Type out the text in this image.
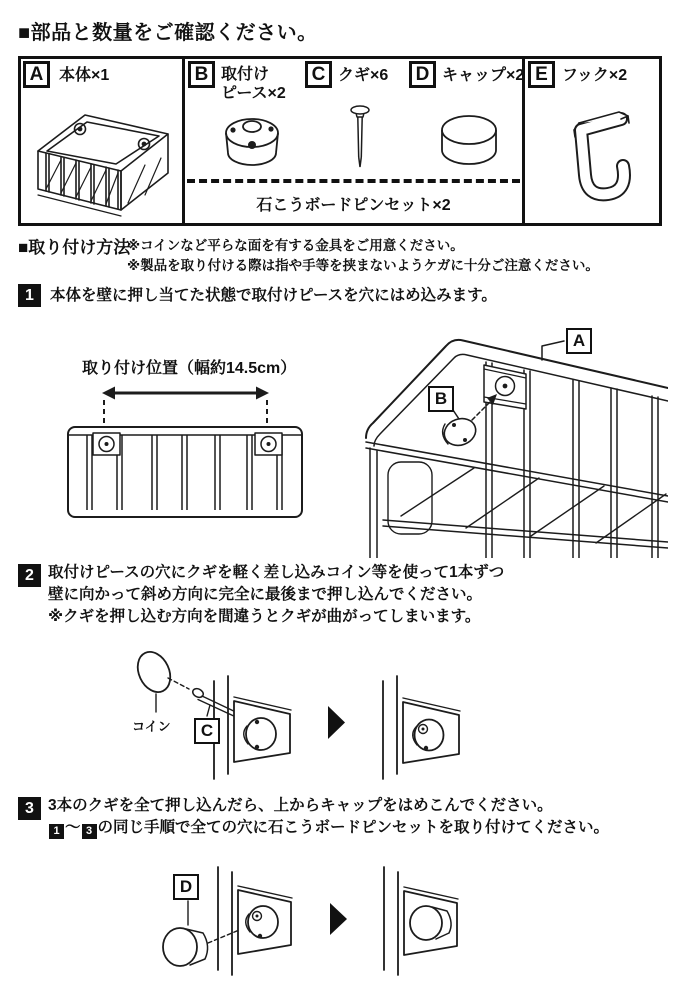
■部品と数量をご確認ください。
A 本体×1	B 取付け
ピース×2
C クギ×6	D キャップ×2
石こうボードピンセット×2
E フック×2
■取り付け方法
※コインなど平らな面を有する金具をご用意ください。
※製品を取り付ける際は指や手等を挟まないようケガに十分ご注意ください。
1	本体を壁に押し当てた状態で取付けピースを穴にはめ込みます。
取り付け位置（幅約14.5cm）
A
B
2 取付けピースの穴にクギを軽く差し込みコイン等を使って1本ずつ
壁に向かって斜め方向に完全に最後まで押し込んでください。
※クギを押し込む方向を間違うとクギが曲がってしまいます。
コイン	C
3 3本のクギを全て押し込んだら、上からキャップをはめこんでください。
1 〜 3 の同じ手順で全ての穴に石こうボードピンセットを取り付けてください。
D
